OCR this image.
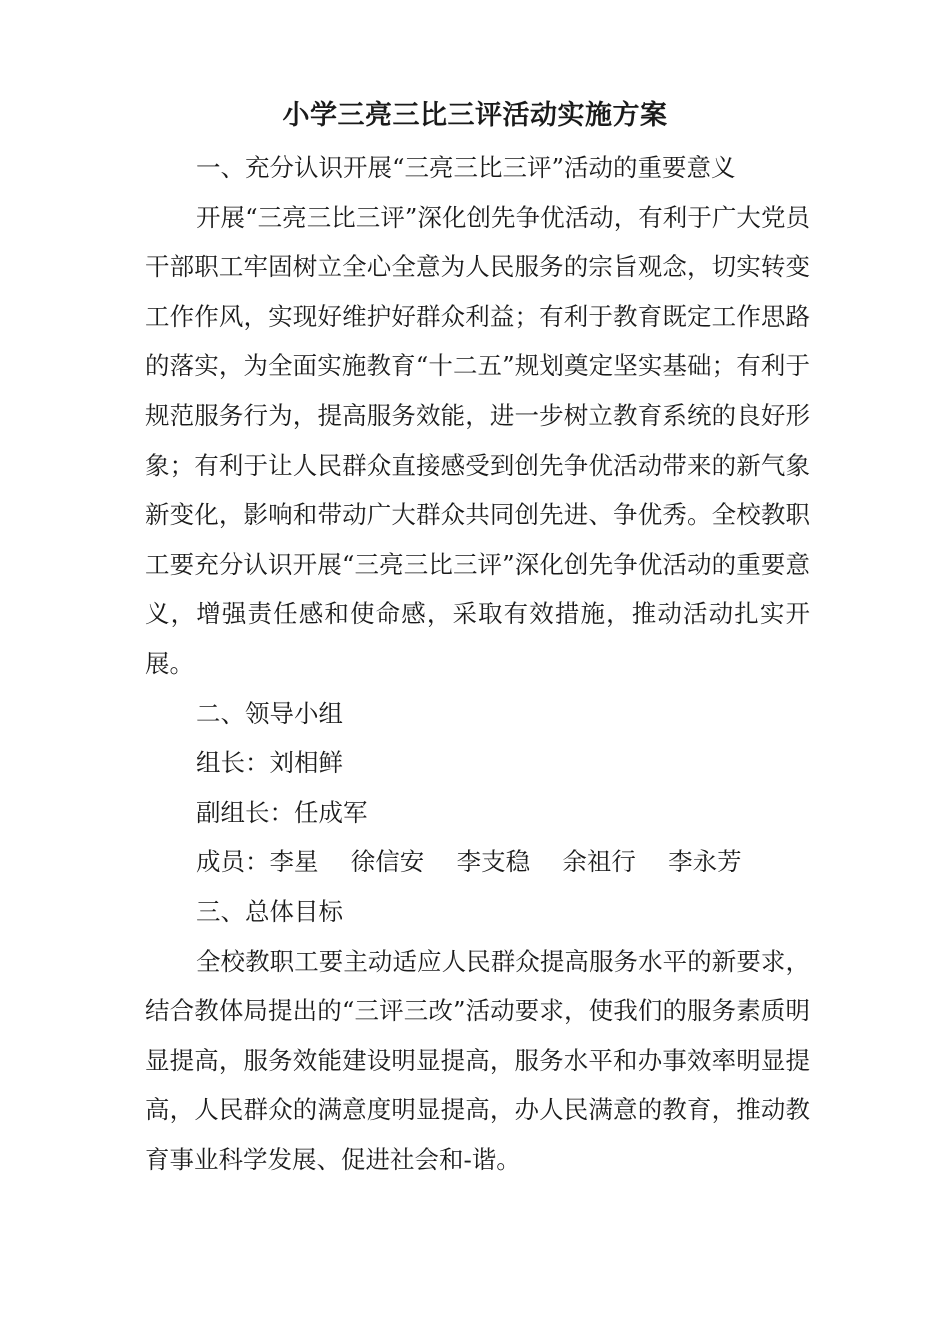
小学三亮三比三评活动实施方案

一、充分认识开展“三亮三比三评”活动的重要意义

开展“三亮三比三评”深化创先争优活动，有利于广大党员干部职工牢固树立全心全意为人民服务的宗旨观念，切实转变工作作风，实现好维护好群众利益；有利于教育既定工作思路的落实，为全面实施教育“十二五”规划奠定坚实基础；有利于规范服务行为，提高服务效能，进一步树立教育系统的良好形象；有利于让人民群众直接感受到创先争优活动带来的新气象新变化，影响和带动广大群众共同创先进、争优秀。全校教职工要充分认识开展“三亮三比三评”深化创先争优活动的重要意义，增强责任感和使命感，采取有效措施，推动活动扎实开展。

二、领导小组

组长：刘相鲜

副组长：任成军

成员：李星　 徐信安　 李支稳　 余祖行　 李永芳

三、总体目标

全校教职工要主动适应人民群众提高服务水平的新要求，结合教体局提出的“三评三改”活动要求，使我们的服务素质明显提高，服务效能建设明显提高，服务水平和办事效率明显提高，人民群众的满意度明显提高，办人民满意的教育，推动教育事业科学发展、促进社会和-谐。
